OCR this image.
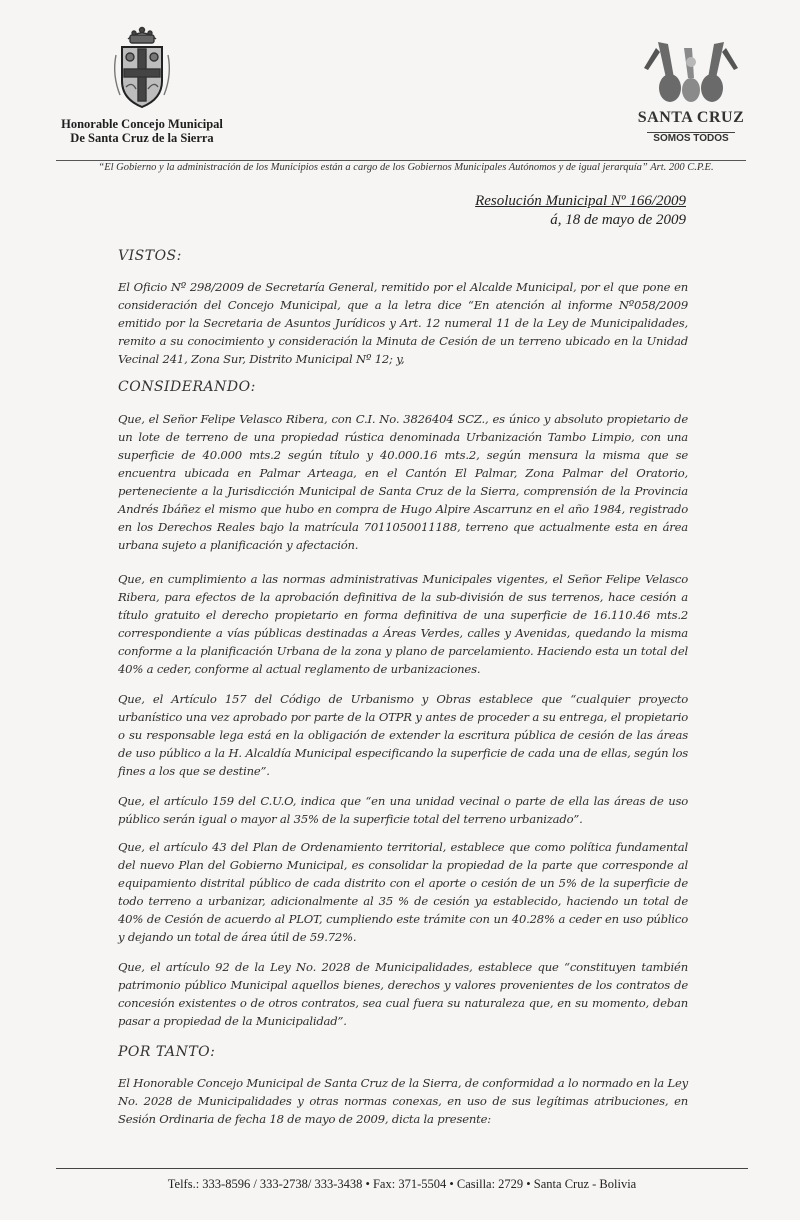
Honorable Concejo Municipal
De Santa Cruz de la Sierra
SANTA CRUZ
SOMOS TODOS
“El Gobierno y la administración de los Municipios están a cargo de los Gobiernos Municipales Autónomos y de igual jerarquía” Art. 200 C.P.E.
Resolución Municipal Nº 166/2009
á, 18 de mayo de 2009
VISTOS:

El Oficio Nº 298/2009 de Secretaría General, remitido por el Alcalde Municipal, por el que pone en consideración del Concejo Municipal, que a la letra dice “En atención al informe Nº058/2009 emitido por la Secretaria de Asuntos Jurídicos y Art. 12 numeral 11 de la Ley de Municipalidades, remito a su conocimiento y consideración la Minuta de Cesión de un terreno ubicado en la Unidad Vecinal 241, Zona Sur, Distrito Municipal Nº 12; y,

CONSIDERANDO:

Que, el Señor Felipe Velasco Ribera, con C.I. No. 3826404 SCZ., es único y absoluto propietario de un lote de terreno de una propiedad rústica denominada Urbanización Tambo Limpio, con una superficie de 40.000 mts.2 según título y 40.000.16 mts.2, según mensura la misma que se encuentra ubicada en Palmar Arteaga, en el Cantón El Palmar, Zona Palmar del Oratorio, perteneciente a la Jurisdicción Municipal de Santa Cruz de la Sierra, comprensión de la Provincia Andrés Ibáñez el mismo que hubo en compra de Hugo Alpire Ascarrunz en el año 1984, registrado en los Derechos Reales bajo la matrícula 7011050011188, terreno que actualmente esta en área urbana sujeto a planificación y afectación.

Que, en cumplimiento a las normas administrativas Municipales vigentes, el Señor Felipe Velasco Ribera, para efectos de la aprobación definitiva de la sub-división de sus terrenos, hace cesión a título gratuito el derecho propietario en forma definitiva de una superficie de 16.110.46 mts.2 correspondiente a vías públicas destinadas a Áreas Verdes, calles y Avenidas, quedando la misma conforme a la planificación Urbana de la zona y plano de parcelamiento. Haciendo esta un total del 40% a ceder, conforme al actual reglamento de urbanizaciones.

Que, el Artículo 157 del Código de Urbanismo y Obras establece que “cualquier proyecto urbanístico una vez aprobado por parte de la OTPR y antes de proceder a su entrega, el propietario o su responsable lega está en la obligación de extender la escritura pública de cesión de las áreas de uso público a la H. Alcaldía Municipal especificando la superficie de cada una de ellas, según los fines a los que se destine”.

Que, el artículo 159 del C.U.O, indica que “en una unidad vecinal o parte de ella las áreas de uso público serán igual o mayor al 35% de la superficie total del terreno urbanizado”.

Que, el artículo 43 del Plan de Ordenamiento territorial, establece que como política fundamental del nuevo Plan del Gobierno Municipal, es consolidar la propiedad de la parte que corresponde al equipamiento distrital público de cada distrito con el aporte o cesión de un 5% de la superficie de todo terreno a urbanizar, adicionalmente al 35 % de cesión ya establecido, haciendo un total de 40% de Cesión de acuerdo al PLOT, cumpliendo este trámite con un 40.28% a ceder en uso público y dejando un total de área útil de 59.72%.

Que, el artículo 92 de la Ley No. 2028 de Municipalidades, establece que “constituyen también patrimonio público Municipal aquellos bienes, derechos y valores provenientes de los contratos de concesión existentes o de otros contratos, sea cual fuera su naturaleza que, en su momento, deban pasar a propiedad de la Municipalidad”.

POR TANTO:

El Honorable Concejo Municipal de Santa Cruz de la Sierra, de conformidad a lo normado en la Ley No. 2028 de Municipalidades y otras normas conexas, en uso de sus legítimas atribuciones, en Sesión Ordinaria de fecha 18 de mayo de 2009, dicta la presente:

Telfs.: 333-8596 / 333-2738/ 333-3438 • Fax: 371-5504 • Casilla: 2729 • Santa Cruz - Bolivia
